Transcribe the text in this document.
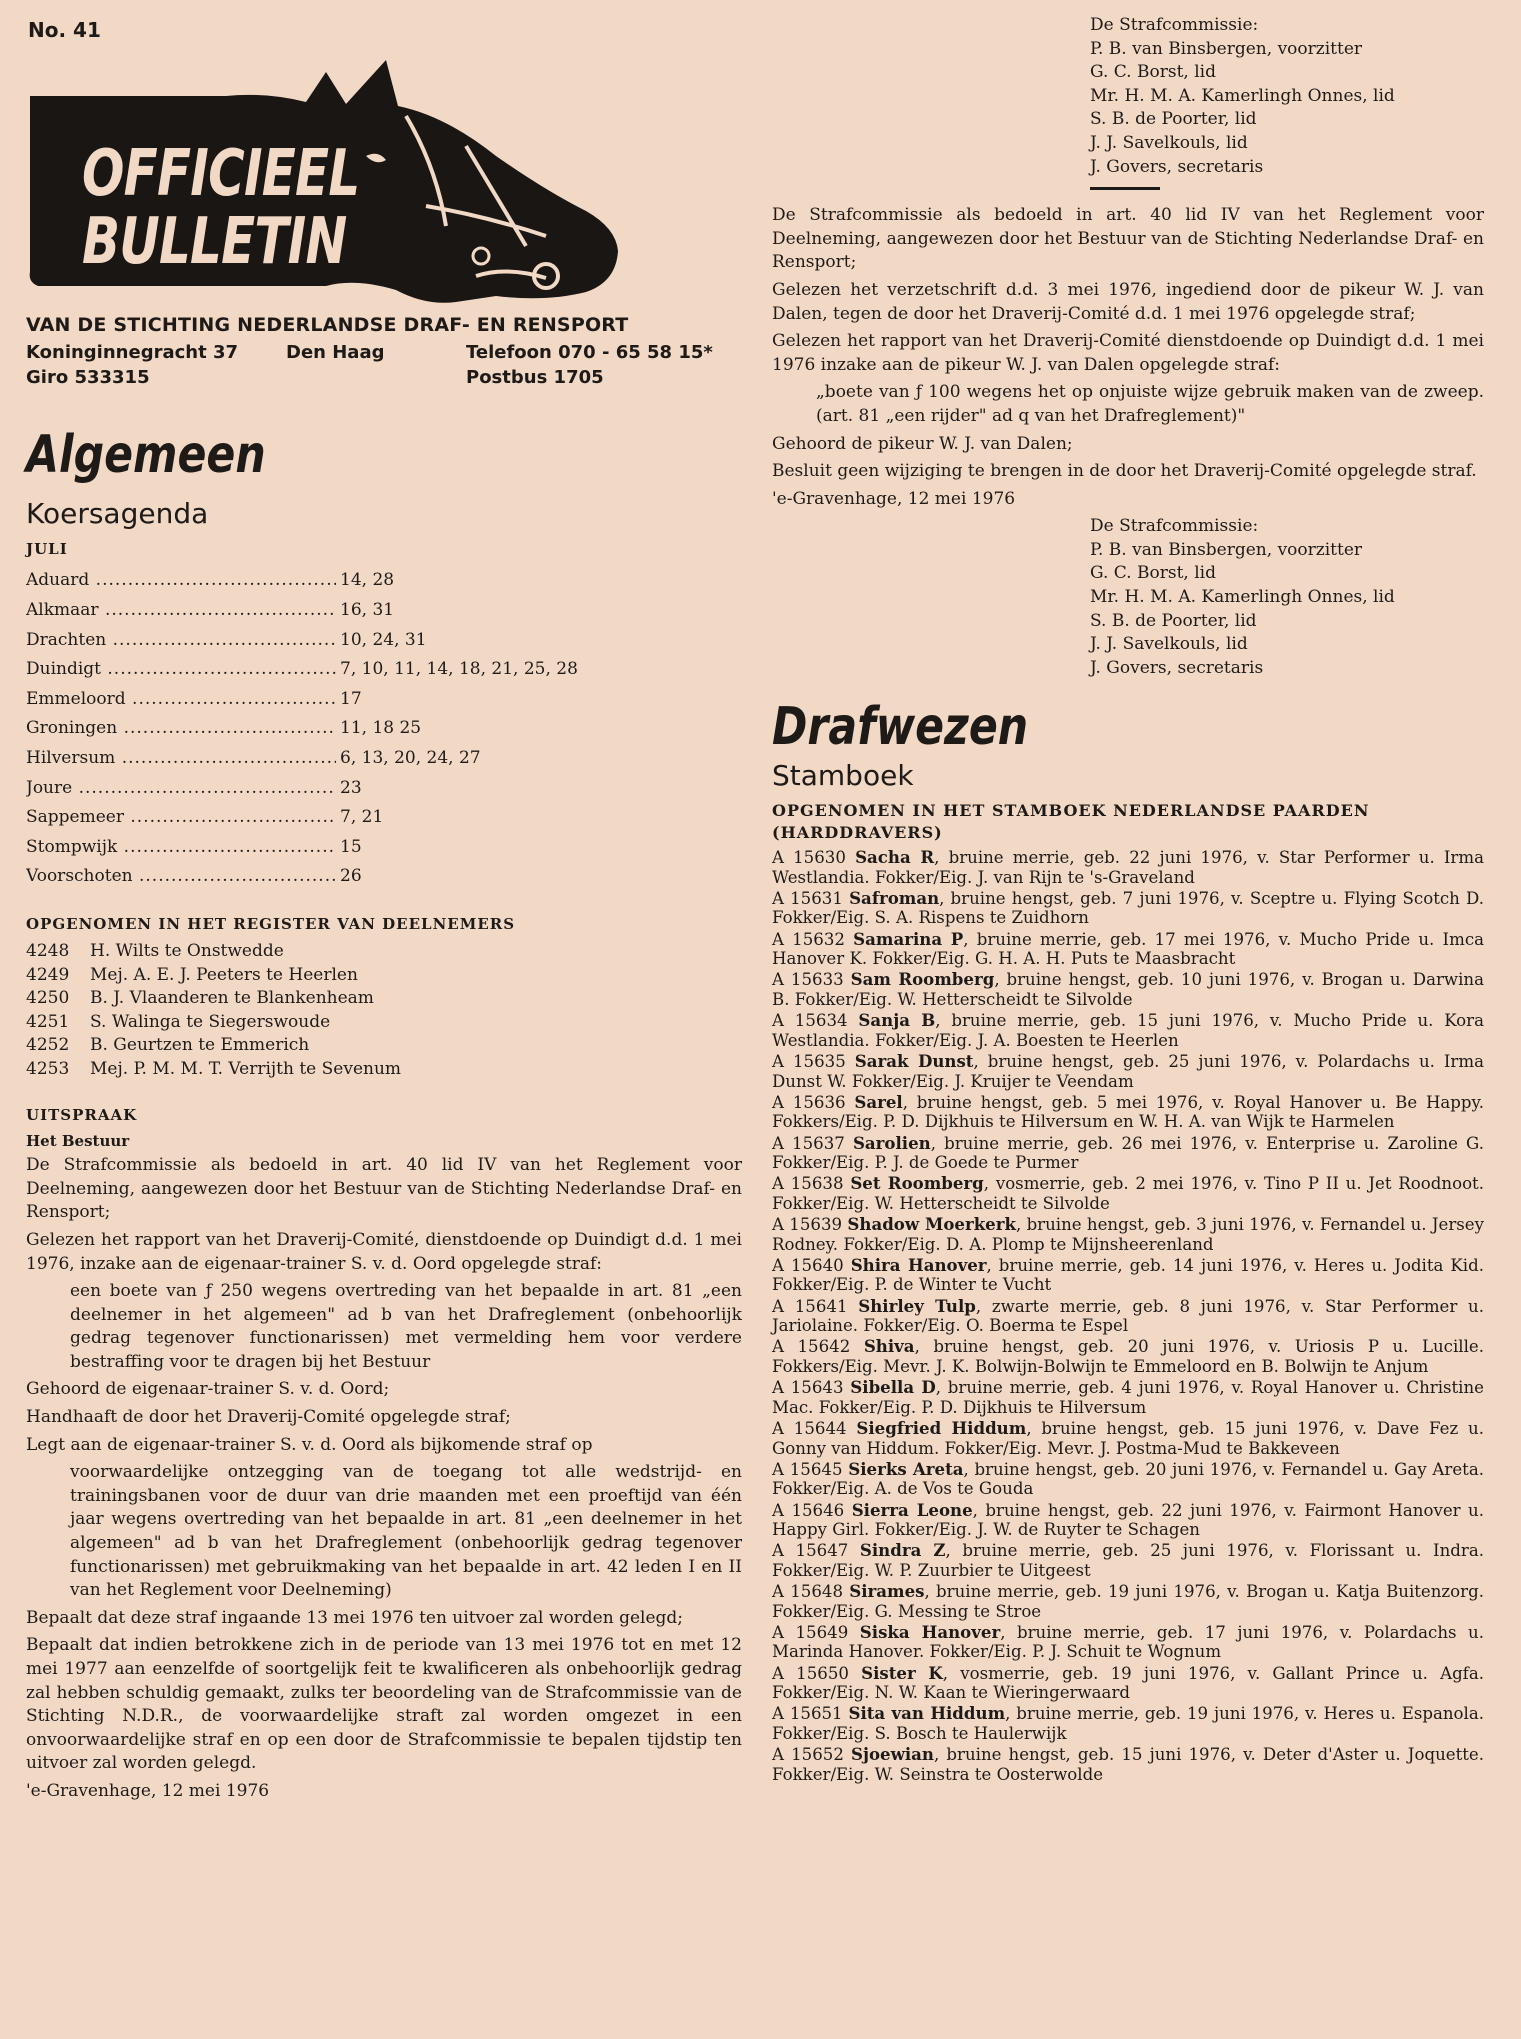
No. 41
OFFICIEEL
BULLETIN
VAN DE STICHTING NEDERLANDSE DRAF- EN RENSPORT
Koninginnegracht 37	Den Haag	Telefoon 070 - 65 58 15*
Giro 533315	Postbus 1705
Algemeen
Koersagenda
JULI
Aduard .....	14, 28
Alkmaar .....	16, 31
Drachten .....	10, 24, 31
Duindigt .....	7, 10, 11, 14, 18, 21, 25, 28
Emmeloord .....	17
Groningen .....	11, 18 25
Hilversum .....	6, 13, 20, 24, 27
Joure .....	23
Sappemeer .....	7, 21
Stompwijk .....	15
Voorschoten .....	26
OPGENOMEN IN HET REGISTER VAN DEELNEMERS
4248	H. Wilts te Onstwedde
4249	Mej. A. E. J. Peeters te Heerlen
4250	B. J. Vlaanderen te Blankenheam
4251	S. Walinga te Siegerswoude
4252	B. Geurtzen te Emmerich
4253	Mej. P. M. M. T. Verrijth te Sevenum
UITSPRAAK
Het Bestuur

De Strafcommissie als bedoeld in art. 40 lid IV van het Reglement voor Deelneming, aangewezen door het Bestuur van de Stichting Nederlandse Draf- en Rensport;

Gelezen het rapport van het Draverij-Comité, dienstdoende op Duindigt d.d. 1 mei 1976, inzake aan de eigenaar-trainer S. v. d. Oord opgelegde straf:

een boete van ƒ 250 wegens overtreding van het bepaalde in art. 81 „een deelnemer in het algemeen" ad b van het Drafreglement (onbehoorlijk gedrag tegenover functionarissen) met vermelding hem voor verdere bestraffing voor te dragen bij het Bestuur

Gehoord de eigenaar-trainer S. v. d. Oord;

Handhaaft de door het Draverij-Comité opgelegde straf;

Legt aan de eigenaar-trainer S. v. d. Oord als bijkomende straf op

voorwaardelijke ontzegging van de toegang tot alle wedstrijd- en trainingsbanen voor de duur van drie maanden met een proeftijd van één jaar wegens overtreding van het bepaalde in art. 81 „een deelnemer in het algemeen" ad b van het Drafreglement (onbehoorlijk gedrag tegenover functionarissen) met gebruikmaking van het bepaalde in art. 42 leden I en II van het Reglement voor Deelneming)

Bepaalt dat deze straf ingaande 13 mei 1976 ten uitvoer zal worden gelegd;

Bepaalt dat indien betrokkene zich in de periode van 13 mei 1976 tot en met 12 mei 1977 aan eenzelfde of soortgelijk feit te kwalificeren als onbehoorlijk gedrag zal hebben schuldig gemaakt, zulks ter beoordeling van de Strafcommissie van de Stichting N.D.R., de voorwaardelijke straft zal worden omgezet in een onvoorwaardelijke straf en op een door de Strafcommissie te bepalen tijdstip ten uitvoer zal worden gelegd.

'e-Gravenhage, 12 mei 1976

De Strafcommissie:
P. B. van Binsbergen, voorzitter
G. C. Borst, lid
Mr. H. M. A. Kamerlingh Onnes, lid
S. B. de Poorter, lid
J. J. Savelkouls, lid
J. Govers, secretaris

De Strafcommissie als bedoeld in art. 40 lid IV van het Reglement voor Deelneming, aangewezen door het Bestuur van de Stichting Nederlandse Draf- en Rensport;

Gelezen het verzetschrift d.d. 3 mei 1976, ingediend door de pikeur W. J. van Dalen, tegen de door het Draverij-Comité d.d. 1 mei 1976 opgelegde straf;

Gelezen het rapport van het Draverij-Comité dienstdoende op Duindigt d.d. 1 mei 1976 inzake aan de pikeur W. J. van Dalen opgelegde straf:

„boete van ƒ 100 wegens het op onjuiste wijze gebruik maken van de zweep. (art. 81 „een rijder" ad q van het Drafreglement)"

Gehoord de pikeur W. J. van Dalen;

Besluit geen wijziging te brengen in de door het Draverij-Comité opgelegde straf.

'e-Gravenhage, 12 mei 1976

De Strafcommissie:
P. B. van Binsbergen, voorzitter
G. C. Borst, lid
Mr. H. M. A. Kamerlingh Onnes, lid
S. B. de Poorter, lid
J. J. Savelkouls, lid
J. Govers, secretaris
Drafwezen
Stamboek
OPGENOMEN IN HET STAMBOEK NEDERLANDSE PAARDEN (HARDDRAVERS)
A 15630 Sacha R, bruine merrie, geb. 22 juni 1976, v. Star Performer u. Irma Westlandia. Fokker/Eig. J. van Rijn te 's-Graveland
A 15631 Safroman, bruine hengst, geb. 7 juni 1976, v. Sceptre u. Flying Scotch D. Fokker/Eig. S. A. Rispens te Zuidhorn
A 15632 Samarina P, bruine merrie, geb. 17 mei 1976, v. Mucho Pride u. Imca Hanover K. Fokker/Eig. G. H. A. H. Puts te Maasbracht
A 15633 Sam Roomberg, bruine hengst, geb. 10 juni 1976, v. Brogan u. Darwina B. Fokker/Eig. W. Hetterscheidt te Silvolde
A 15634 Sanja B, bruine merrie, geb. 15 juni 1976, v. Mucho Pride u. Kora Westlandia. Fokker/Eig. J. A. Boesten te Heerlen
A 15635 Sarak Dunst, bruine hengst, geb. 25 juni 1976, v. Polardachs u. Irma Dunst W. Fokker/Eig. J. Kruijer te Veendam
A 15636 Sarel, bruine hengst, geb. 5 mei 1976, v. Royal Hanover u. Be Happy. Fokkers/Eig. P. D. Dijkhuis te Hilversum en W. H. A. van Wijk te Harmelen
A 15637 Sarolien, bruine merrie, geb. 26 mei 1976, v. Enterprise u. Zaroline G. Fokker/Eig. P. J. de Goede te Purmer
A 15638 Set Roomberg, vosmerrie, geb. 2 mei 1976, v. Tino P II u. Jet Roodnoot. Fokker/Eig. W. Hetterscheidt te Silvolde
A 15639 Shadow Moerkerk, bruine hengst, geb. 3 juni 1976, v. Fernandel u. Jersey Rodney. Fokker/Eig. D. A. Plomp te Mijnsheerenland
A 15640 Shira Hanover, bruine merrie, geb. 14 juni 1976, v. Heres u. Jodita Kid. Fokker/Eig. P. de Winter te Vucht
A 15641 Shirley Tulp, zwarte merrie, geb. 8 juni 1976, v. Star Performer u. Jariolaine. Fokker/Eig. O. Boerma te Espel
A 15642 Shiva, bruine hengst, geb. 20 juni 1976, v. Uriosis P u. Lucille. Fokkers/Eig. Mevr. J. K. Bolwijn-Bolwijn te Emmeloord en B. Bolwijn te Anjum
A 15643 Sibella D, bruine merrie, geb. 4 juni 1976, v. Royal Hanover u. Christine Mac. Fokker/Eig. P. D. Dijkhuis te Hilversum
A 15644 Siegfried Hiddum, bruine hengst, geb. 15 juni 1976, v. Dave Fez u. Gonny van Hiddum. Fokker/Eig. Mevr. J. Postma-Mud te Bakkeveen
A 15645 Sierks Areta, bruine hengst, geb. 20 juni 1976, v. Fernandel u. Gay Areta. Fokker/Eig. A. de Vos te Gouda
A 15646 Sierra Leone, bruine hengst, geb. 22 juni 1976, v. Fairmont Hanover u. Happy Girl. Fokker/Eig. J. W. de Ruyter te Schagen
A 15647 Sindra Z, bruine merrie, geb. 25 juni 1976, v. Florissant u. Indra. Fokker/Eig. W. P. Zuurbier te Uitgeest
A 15648 Sirames, bruine merrie, geb. 19 juni 1976, v. Brogan u. Katja Buitenzorg. Fokker/Eig. G. Messing te Stroe
A 15649 Siska Hanover, bruine merrie, geb. 17 juni 1976, v. Polardachs u. Marinda Hanover. Fokker/Eig. P. J. Schuit te Wognum
A 15650 Sister K, vosmerrie, geb. 19 juni 1976, v. Gallant Prince u. Agfa. Fokker/Eig. N. W. Kaan te Wieringerwaard
A 15651 Sita van Hiddum, bruine merrie, geb. 19 juni 1976, v. Heres u. Espanola. Fokker/Eig. S. Bosch te Haulerwijk
A 15652 Sjoewian, bruine hengst, geb. 15 juni 1976, v. Deter d'Aster u. Joquette. Fokker/Eig. W. Seinstra te Oosterwolde
